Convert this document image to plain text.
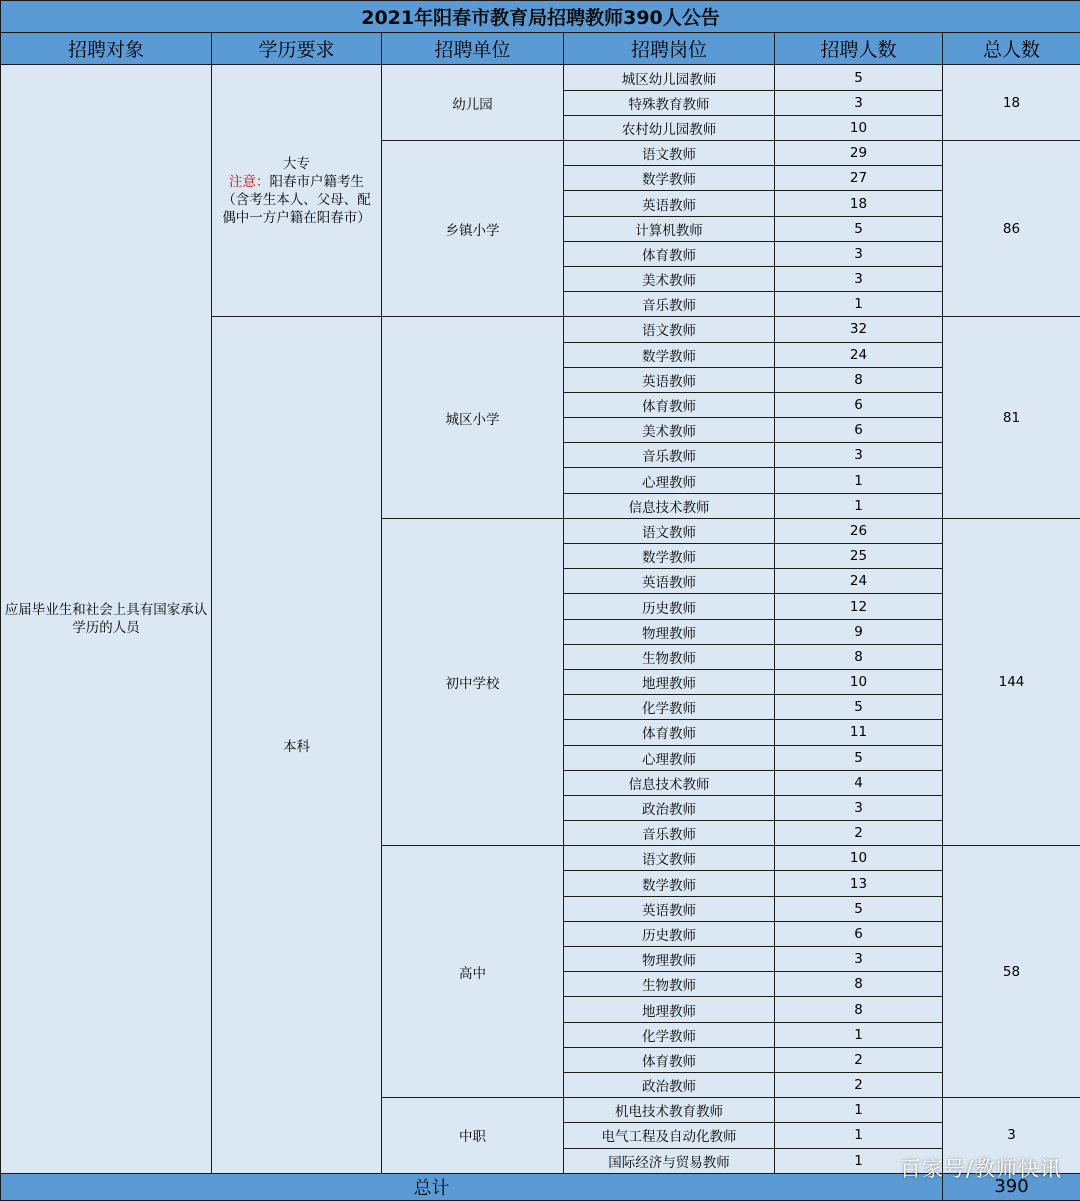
2021年阳春市教育局招聘教师390人公告					
招聘对象	学历要求	招聘单位	招聘岗位	招聘人数	总人数
应届毕业生和社会上具有国家承认学历的人员	大专
注意：阳春市户籍考生
（含考生本人、父母、配
偶中一方户籍在阳春市）	幼儿园	城区幼儿园教师	5	18
			特殊教育教师	3	
			农村幼儿园教师	10	
		乡镇小学	语文教师	29	86
			数学教师	27	
			英语教师	18	
			计算机教师	5	
			体育教师	3	
			美术教师	3	
			音乐教师	1	
	本科	城区小学	语文教师	32	81
			数学教师	24	
			英语教师	8	
			体育教师	6	
			美术教师	6	
			音乐教师	3	
			心理教师	1	
			信息技术教师	1	
		初中学校	语文教师	26	144
			数学教师	25	
			英语教师	24	
			历史教师	12	
			物理教师	9	
			生物教师	8	
			地理教师	10	
			化学教师	5	
			体育教师	11	
			心理教师	5	
			信息技术教师	4	
			政治教师	3	
			音乐教师	2	
		高中	语文教师	10	58
			数学教师	13	
			英语教师	5	
			历史教师	6	
			物理教师	3	
			生物教师	8	
			地理教师	8	
			化学教师	1	
			体育教师	2	
			政治教师	2	
		中职	机电技术教育教师	1	3
			电气工程及自动化教师	1	
			国际经济与贸易教师	1	
总计					390
百家号/教师快讯
